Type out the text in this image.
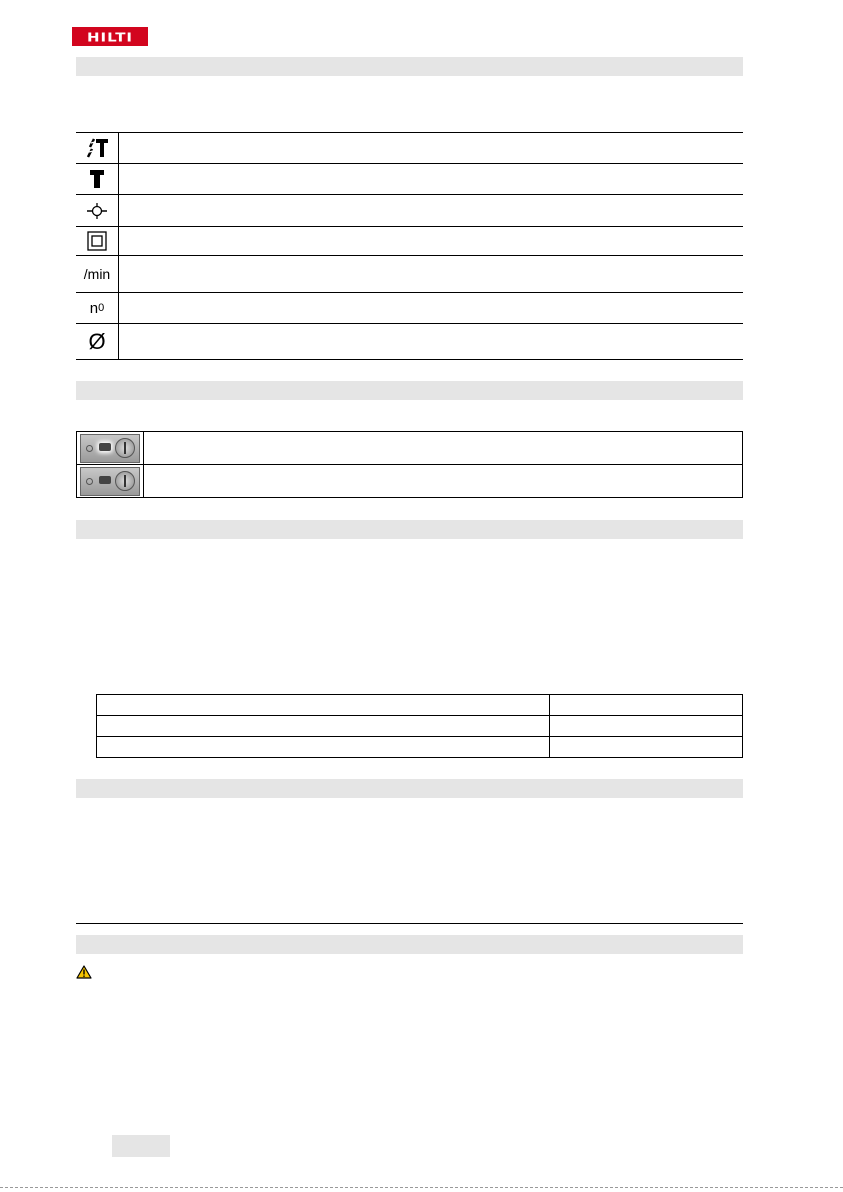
HILTI
/min
n 0
Ø
